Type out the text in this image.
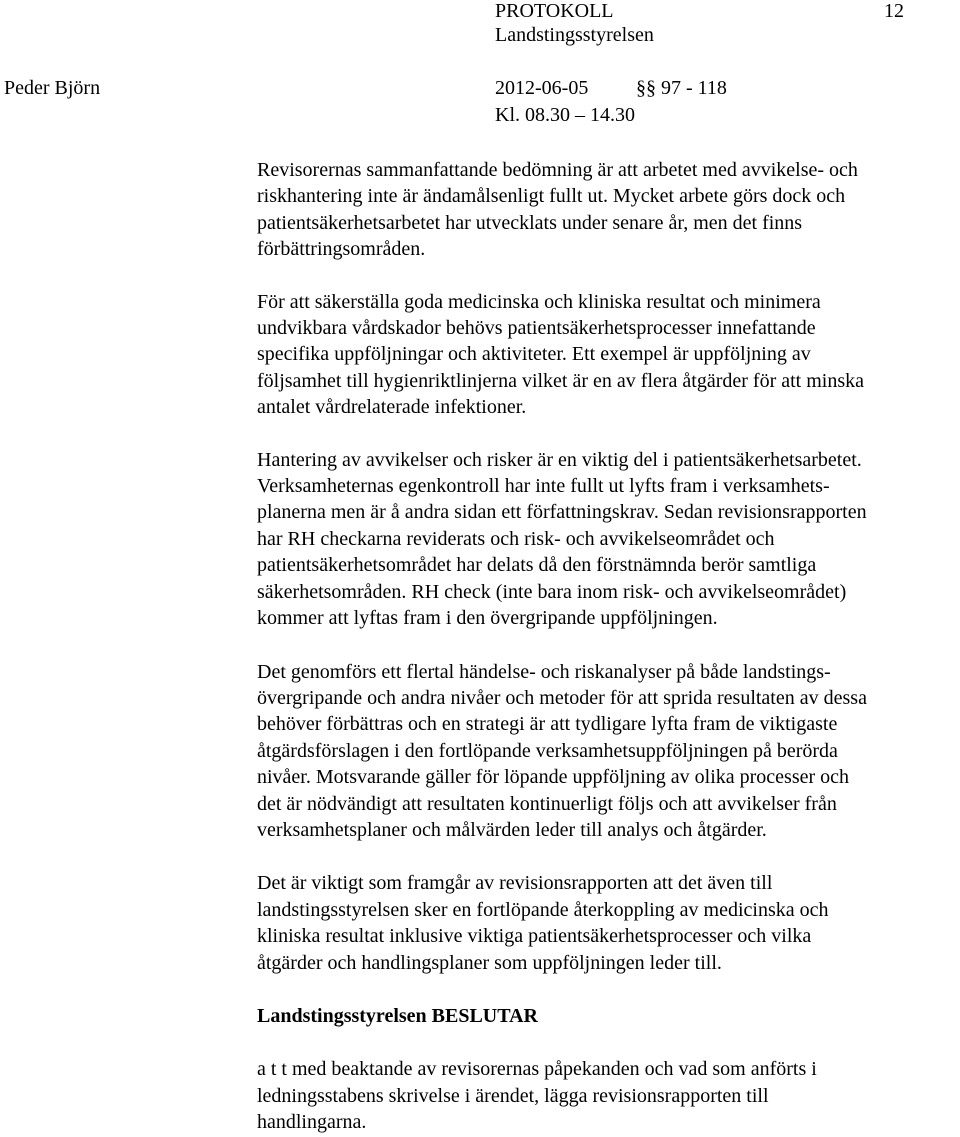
PROTOKOLL
Landstingsstyrelsen
12
Peder Björn	2012-06-05 §§ 97 - 118
Kl. 08.30 – 14.30

Revisorernas sammanfattande bedömning är att arbetet med avvikelse- och
riskhantering inte är ändamålsenligt fullt ut. Mycket arbete görs dock och
patientsäkerhetsarbetet har utvecklats under senare år, men det finns
förbättringsområden.

För att säkerställa goda medicinska och kliniska resultat och minimera
undvikbara vårdskador behövs patientsäkerhetsprocesser innefattande
specifika uppföljningar och aktiviteter. Ett exempel är uppföljning av
följsamhet till hygienriktlinjerna vilket är en av flera åtgärder för att minska
antalet vårdrelaterade infektioner.

Hantering av avvikelser och risker är en viktig del i patientsäkerhetsarbetet.
Verksamheternas egenkontroll har inte fullt ut lyfts fram i verksamhets-
planerna men är å andra sidan ett författningskrav. Sedan revisionsrapporten
har RH checkarna reviderats och risk- och avvikelseområdet och
patientsäkerhetsområdet har delats då den förstnämnda berör samtliga
säkerhetsområden. RH check (inte bara inom risk- och avvikelseområdet)
kommer att lyftas fram i den övergripande uppföljningen.

Det genomförs ett flertal händelse- och riskanalyser på både landstings-
övergripande och andra nivåer och metoder för att sprida resultaten av dessa
behöver förbättras och en strategi är att tydligare lyfta fram de viktigaste
åtgärdsförslagen i den fortlöpande verksamhetsuppföljningen på berörda
nivåer. Motsvarande gäller för löpande uppföljning av olika processer och
det är nödvändigt att resultaten kontinuerligt följs och att avvikelser från
verksamhetsplaner och målvärden leder till analys och åtgärder.

Det är viktigt som framgår av revisionsrapporten att det även till
landstingsstyrelsen sker en fortlöpande återkoppling av medicinska och
kliniska resultat inklusive viktiga patientsäkerhetsprocesser och vilka
åtgärder och handlingsplaner som uppföljningen leder till.

Landstingsstyrelsen BESLUTAR

a t t med beaktande av revisorernas påpekanden och vad som anförts i
ledningsstabens skrivelse i ärendet, lägga revisionsrapporten till
handlingarna.
